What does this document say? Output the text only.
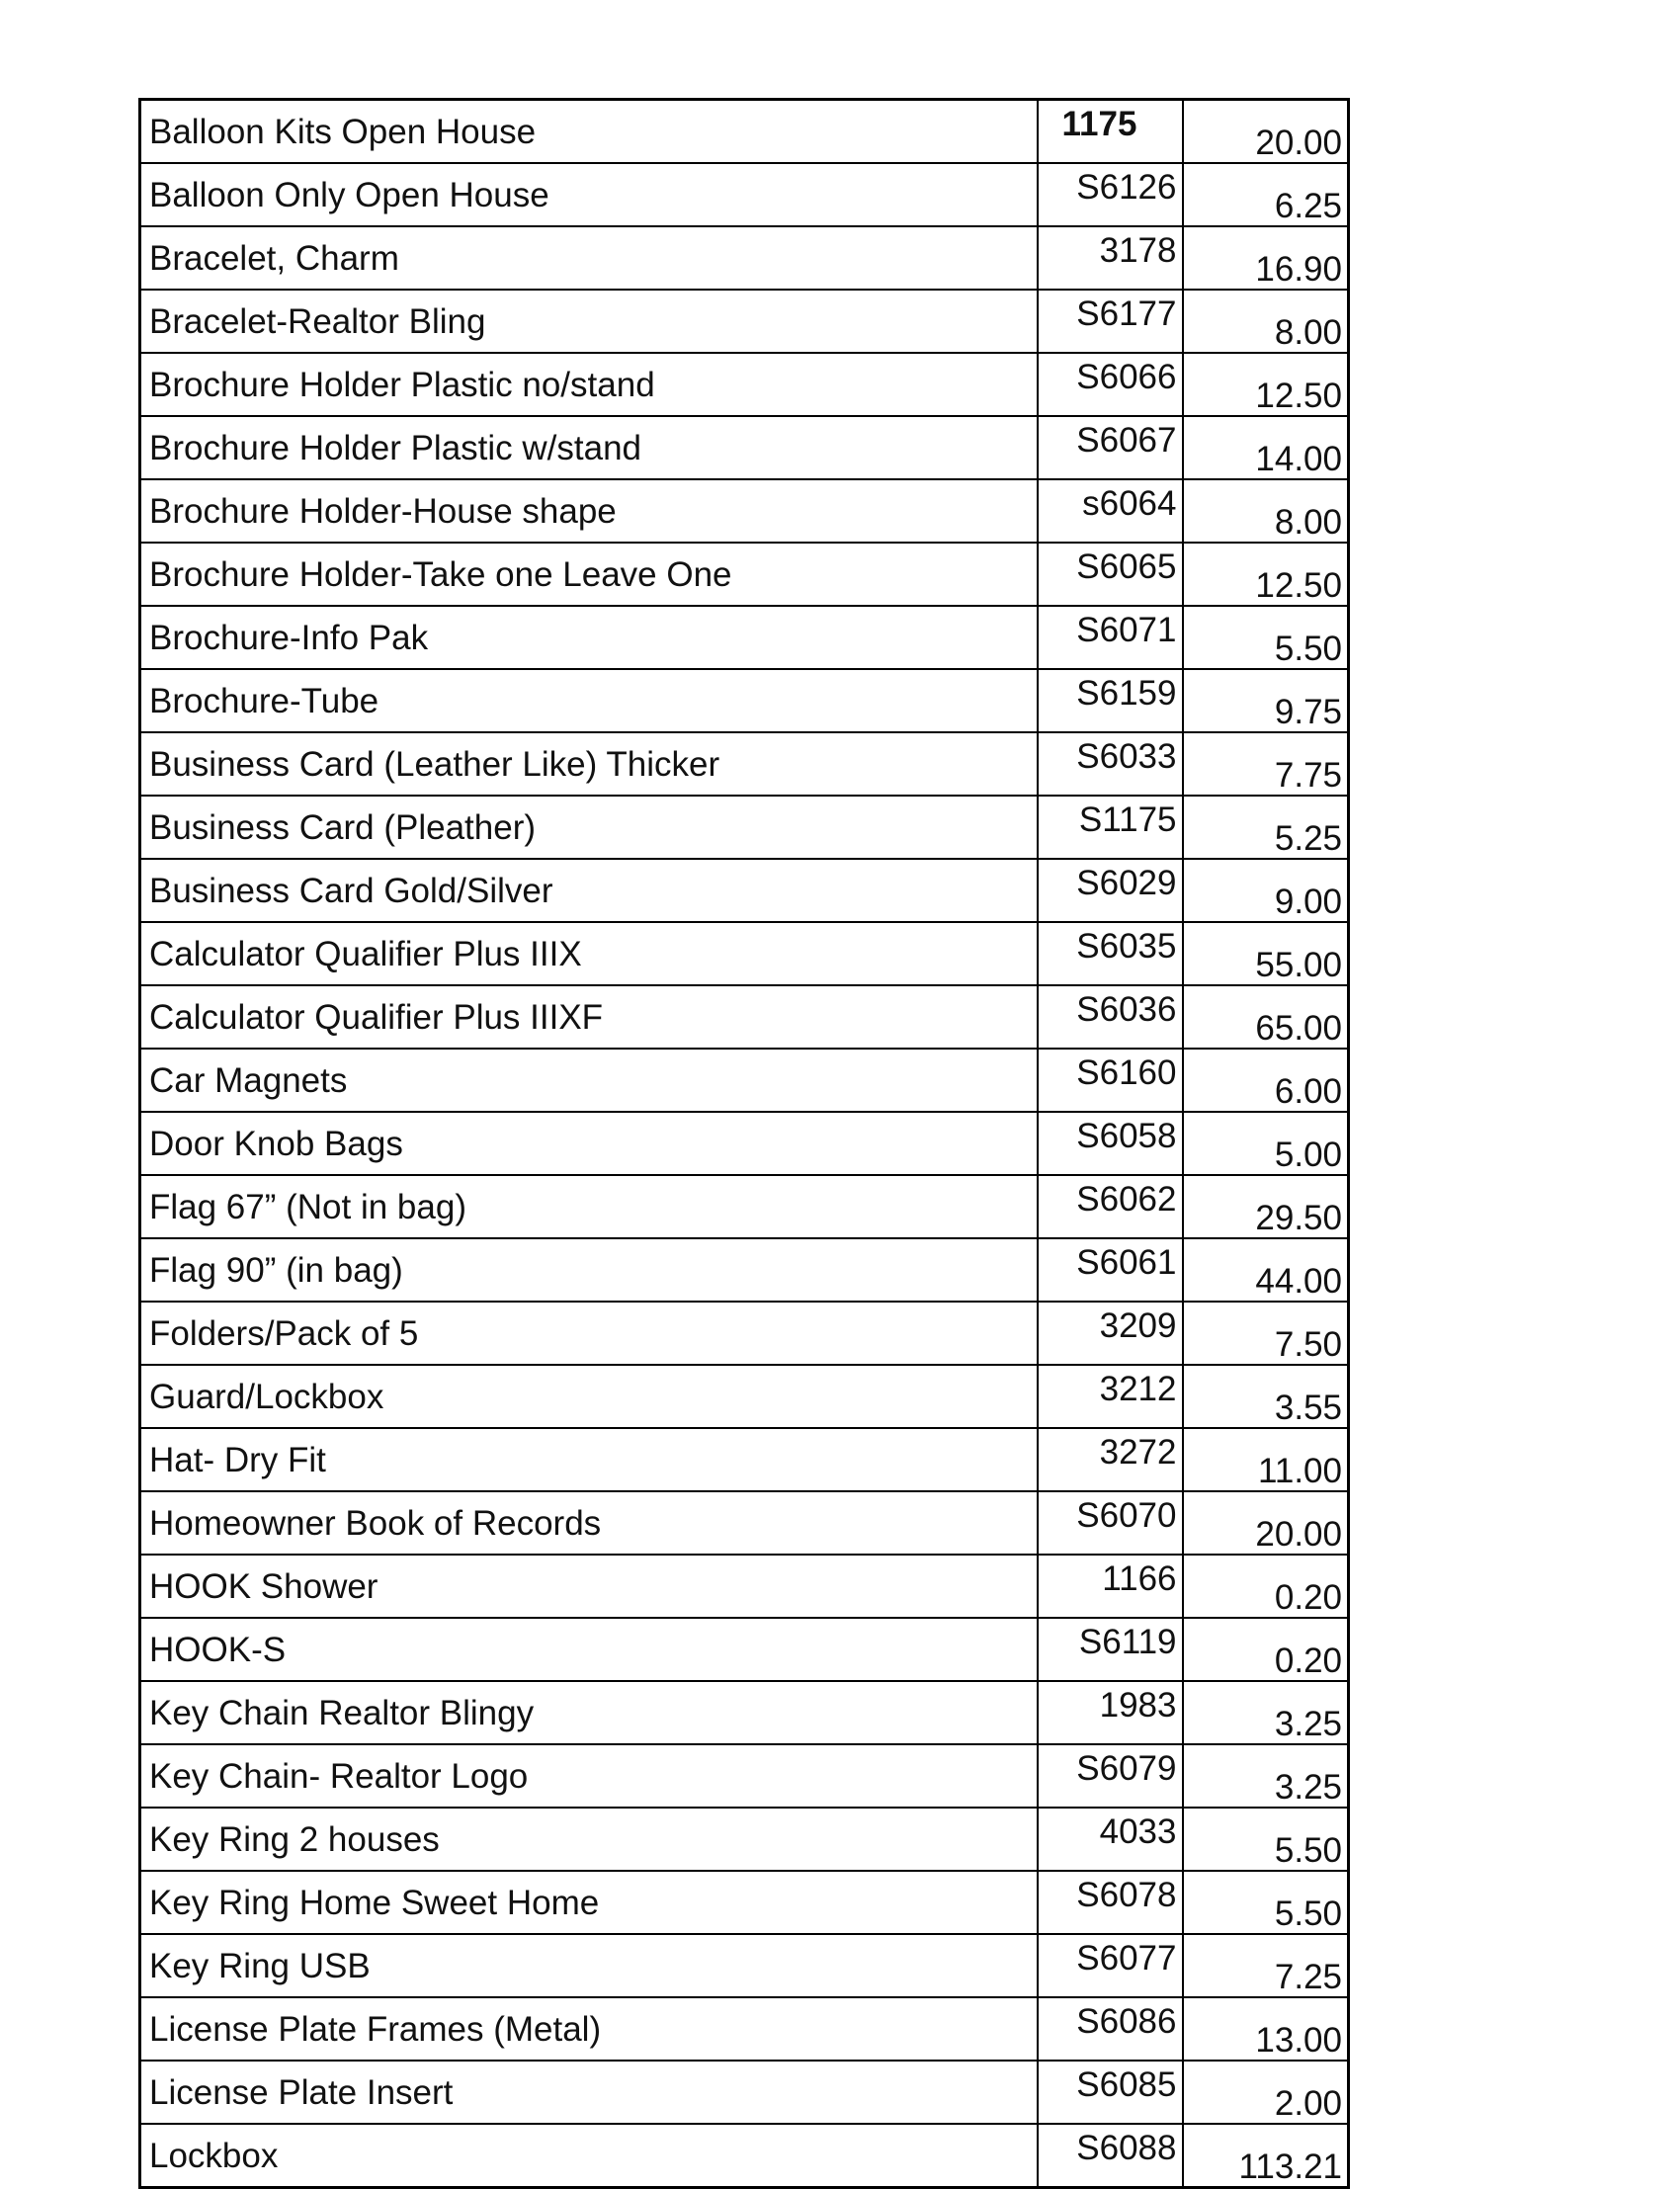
Balloon Kits Open House	1175	20.00
Balloon Only Open House	S6126	6.25
Bracelet, Charm	3178	16.90
Bracelet-Realtor Bling	S6177	8.00
Brochure Holder Plastic no/stand	S6066	12.50
Brochure Holder Plastic w/stand	S6067	14.00
Brochure Holder-House shape	s6064	8.00
Brochure Holder-Take one Leave One	S6065	12.50
Brochure-Info Pak	S6071	5.50
Brochure-Tube	S6159	9.75
Business Card (Leather Like) Thicker	S6033	7.75
Business Card (Pleather)	S1175	5.25
Business Card Gold/Silver	S6029	9.00
Calculator Qualifier Plus IIIX	S6035	55.00
Calculator Qualifier Plus IIIXF	S6036	65.00
Car Magnets	S6160	6.00
Door Knob Bags	S6058	5.00
Flag 67” (Not in bag)	S6062	29.50
Flag 90” (in bag)	S6061	44.00
Folders/Pack of 5	3209	7.50
Guard/Lockbox	3212	3.55
Hat- Dry Fit	3272	11.00
Homeowner Book of Records	S6070	20.00
HOOK Shower	1166	0.20
HOOK-S	S6119	0.20
Key Chain Realtor Blingy	1983	3.25
Key Chain- Realtor Logo	S6079	3.25
Key Ring 2 houses	4033	5.50
Key Ring Home Sweet Home	S6078	5.50
Key Ring USB	S6077	7.25
License Plate Frames (Metal)	S6086	13.00
License Plate Insert	S6085	2.00
Lockbox	S6088	113.21
